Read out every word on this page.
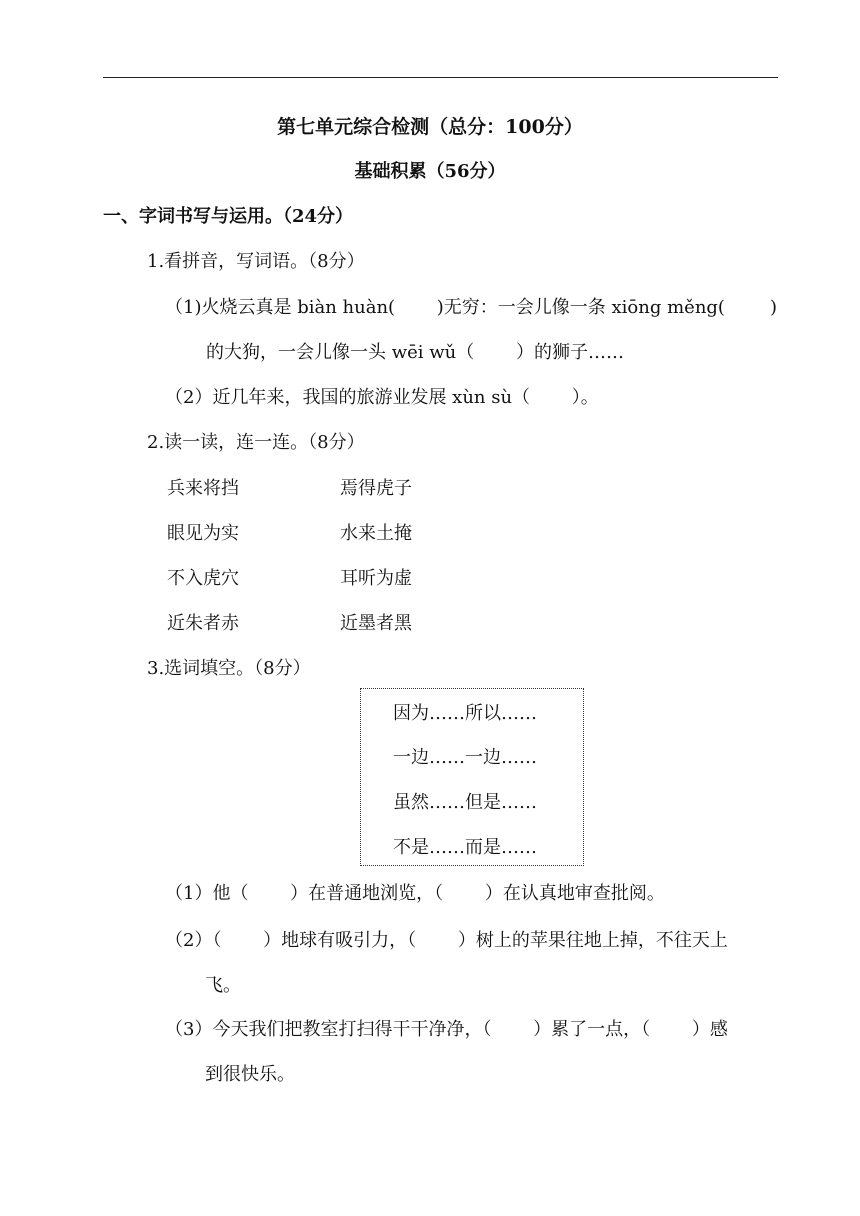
第七单元综合检测（总分：100分）
基础积累（56分）
一、字词书写与运用。（24分）
1.看拼音，写词语。（8分）
（1)火烧云真是 biàn huàn(　 　)无穷：一会儿像一条 xiōng měng(	)
的大狗，一会儿像一头 wēi wǔ（　　 ）的狮子……
（2）近几年来，我国的旅游业发展 xùn sù（　　 ）。
2.读一读，连一连。（8分）
兵来将挡	焉得虎子
眼见为实	水来土掩
不入虎穴	耳听为虚
近朱者赤	近墨者黑
3.选词填空。（8分）
因为……所以……
一边……一边……
虽然……但是……
不是……而是……
（1）他（　　 ）在普通地浏览，（　　 ）在认真地审查批阅。
（2）（　　 ）地球有吸引力，（　　 ）树上的苹果往地上掉，不往天上
飞。
（3）今天我们把教室打扫得干干净净，（　　 ）累了一点，（　　 ）感
到很快乐。
